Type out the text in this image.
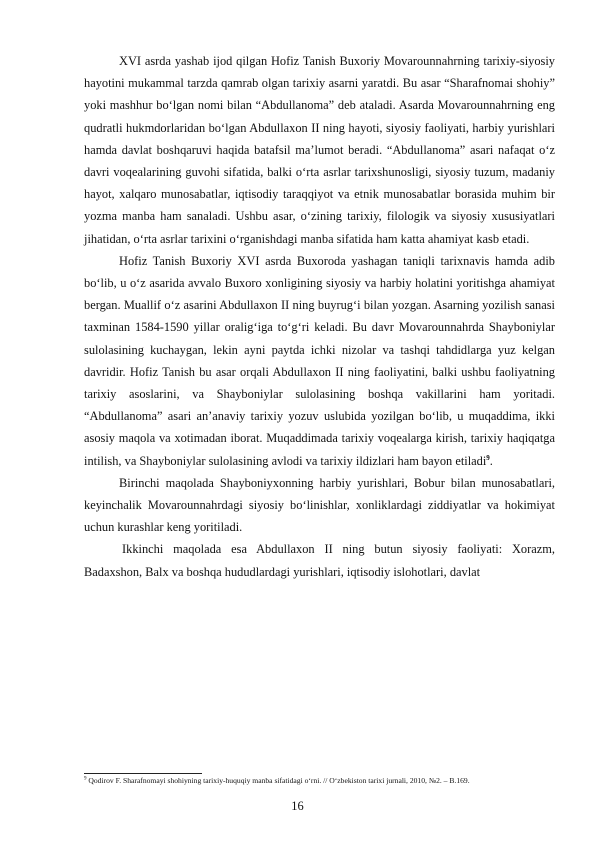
XVI asrda yashab ijod qilgan Hofiz Tanish Buxoriy Movarounnahrning tarixiy-siyosiy hayotini mukammal tarzda qamrab olgan tarixiy asarni yaratdi. Bu asar “Sharafnomai shohiy” yoki mashhur bo‘lgan nomi bilan “Abdullanoma” deb ataladi. Asarda Movarounnahrning eng qudratli hukmdorlaridan bo‘lgan Abdullaxon II ning hayoti, siyosiy faoliyati, harbiy yurishlari hamda davlat boshqaruvi haqida batafsil ma’lumot beradi. “Abdullanoma” asari nafaqat o‘z davri voqealarining guvohi sifatida, balki o‘rta asrlar tarixshunosligi, siyosiy tuzum, madaniy hayot, xalqaro munosabatlar, iqtisodiy taraqqiyot va etnik munosabatlar borasida muhim bir yozma manba ham sanaladi. Ushbu asar, o‘zining tarixiy, filologik va siyosiy xususiyatlari jihatidan, o‘rta asrlar tarixini o‘rganishdagi manba sifatida ham katta ahamiyat kasb etadi.

Hofiz Tanish Buxoriy XVI asrda Buxoroda yashagan taniqli tarixnavis hamda adib bo‘lib, u o‘z asarida avvalo Buxoro xonligining siyosiy va harbiy holatini yoritishga ahamiyat bergan. Muallif o‘z asarini Abdullaxon II ning buyrug‘i bilan yozgan. Asarning yozilish sanasi taxminan 1584-1590 yillar oralig‘iga to‘g‘ri keladi. Bu davr Movarounnahrda Shayboniylar sulolasining kuchaygan, lekin ayni paytda ichki nizolar va tashqi tahdidlarga yuz kelgan davridir. Hofiz Tanish bu asar orqali Abdullaxon II ning faoliyatini, balki ushbu faoliyatning tarixiy asoslarini, va Shayboniylar sulolasining boshqa vakillarini ham yoritadi. “Abdullanoma” asari an’anaviy tarixiy yozuv uslubida yozilgan bo‘lib, u muqaddima, ikki asosiy maqola va xotimadan iborat. Muqaddimada tarixiy voqealarga kirish, tarixiy haqiqatga intilish, va Shayboniylar sulolasining avlodi va tarixiy ildizlari ham bayon etiladi$^9$.

Birinchi maqolada Shayboniyxonning harbiy yurishlari, Bobur bilan munosabatlari, keyinchalik Movarounnahrdagi siyosiy bo‘linishlar, xonliklardagi ziddiyatlar va hokimiyat uchun kurashlar keng yoritiladi.

Ikkinchi maqolada esa Abdullaxon II ning butun siyosiy faoliyati: Xorazm, Badaxshon, Balx va boshqa hududlardagi yurishlari, iqtisodiy islohotlari, davlat

$^9$ Qodirov F. Sharafnomayi shohiyning tarixiy-huquqiy manba sifatidagi o‘rni. // O‘zbekiston tarixi jurnali, 2010, №2. – B.169.

16
